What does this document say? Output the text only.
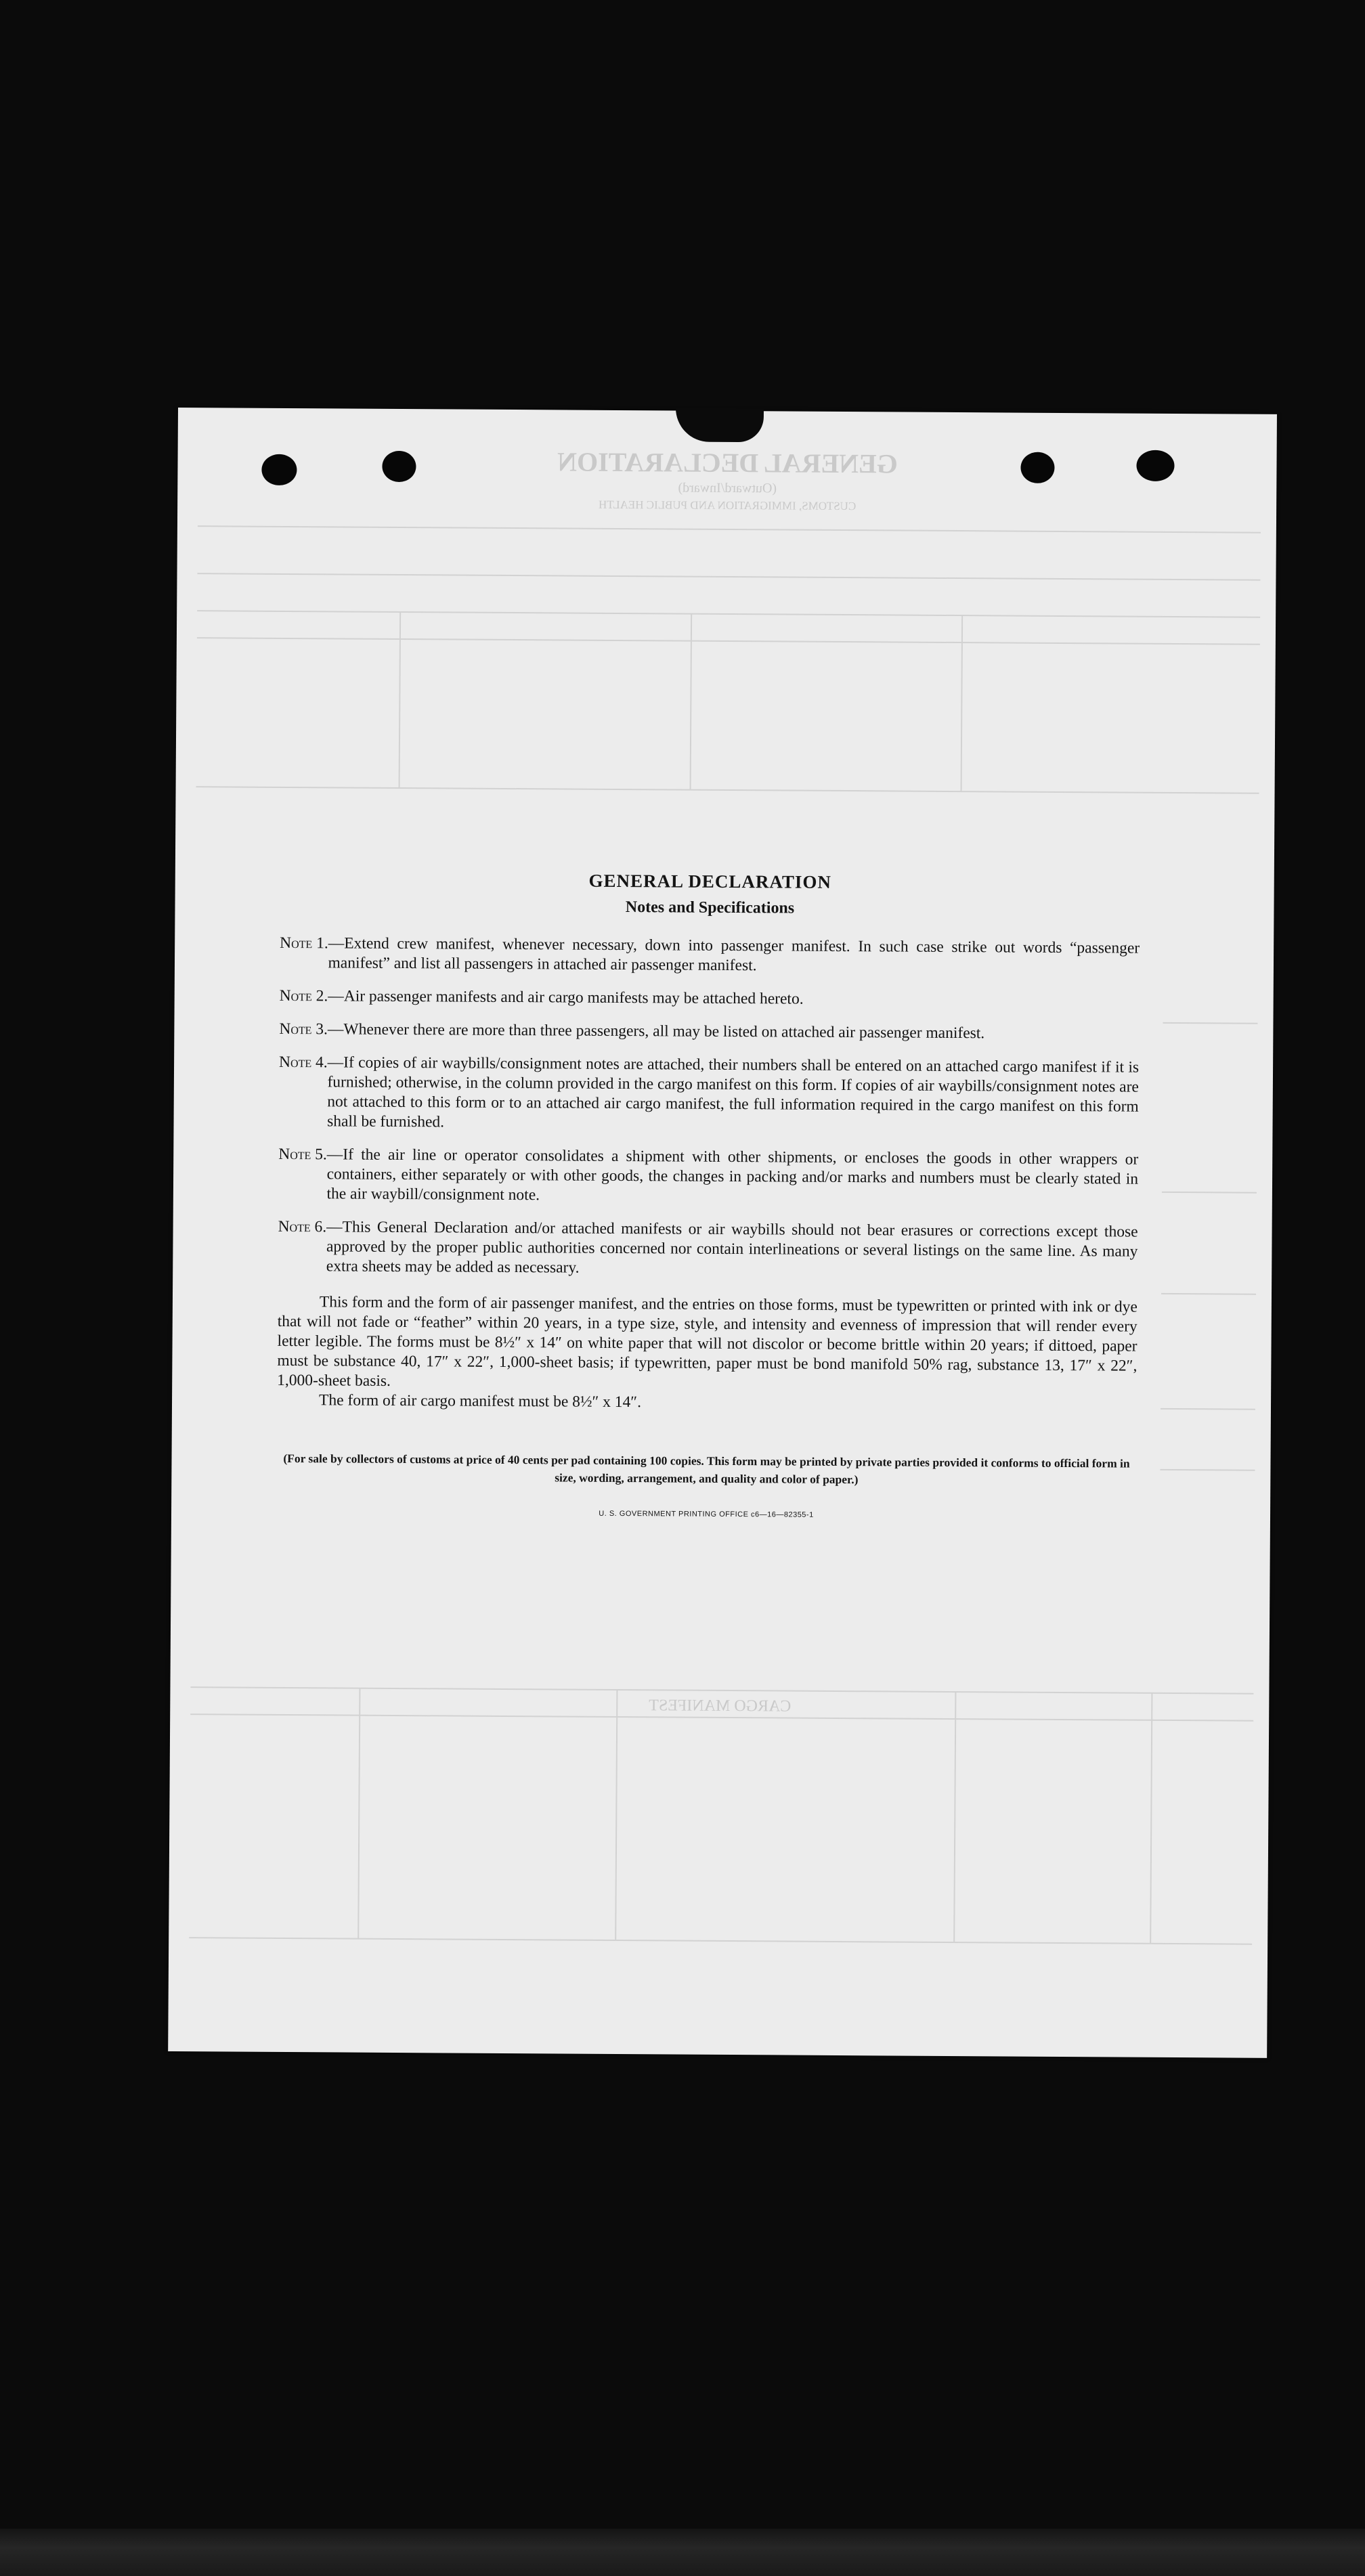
GENERAL DECLARATION
(Outward/Inward)
CUSTOMS, IMMIGRATION AND PUBLIC HEALTH
CARGO MANIFEST
GENERAL DECLARATION
Notes and Specifications
Note 1. —Extend crew manifest, whenever necessary, down into passenger manifest. In such case strike out words “passenger manifest” and list all passengers in attached air passenger manifest.
Note 2. —Air passenger manifests and air cargo manifests may be attached hereto.
Note 3. —Whenever there are more than three passengers, all may be listed on attached air passenger manifest.
Note 4. —If copies of air waybills/consignment notes are attached, their numbers shall be entered on an attached cargo manifest if it is furnished; otherwise, in the column provided in the cargo manifest on this form. If copies of air waybills/consignment notes are not attached to this form or to an attached air cargo manifest, the full information required in the cargo manifest on this form shall be furnished.
Note 5. —If the air line or operator consolidates a shipment with other shipments, or encloses the goods in other wrappers or containers, either separately or with other goods, the changes in packing and/or marks and numbers must be clearly stated in the air waybill/consignment note.
Note 6. —This General Declaration and/or attached manifests or air waybills should not bear erasures or corrections except those approved by the proper public authorities concerned nor contain interlineations or several listings on the same line. As many extra sheets may be added as necessary.

This form and the form of air passenger manifest, and the entries on those forms, must be typewritten or printed with ink or dye that will not fade or “feather” within 20 years, in a type size, style, and intensity and evenness of impression that will render every letter legible. The forms must be 8½″ x 14″ on white paper that will not discolor or become brittle within 20 years; if dittoed, paper must be substance 40, 17″ x 22″, 1,000-sheet basis; if typewritten, paper must be bond manifold 50% rag, substance 13, 17″ x 22″, 1,000-sheet basis.

The form of air cargo manifest must be 8½″ x 14″.

(For sale by collectors of customs at price of 40 cents per pad containing 100 copies. This form may be printed by private parties provided it conforms to official form in size, wording, arrangement, and quality and color of paper.)
U. S. GOVERNMENT PRINTING OFFICE c6—16—82355-1
